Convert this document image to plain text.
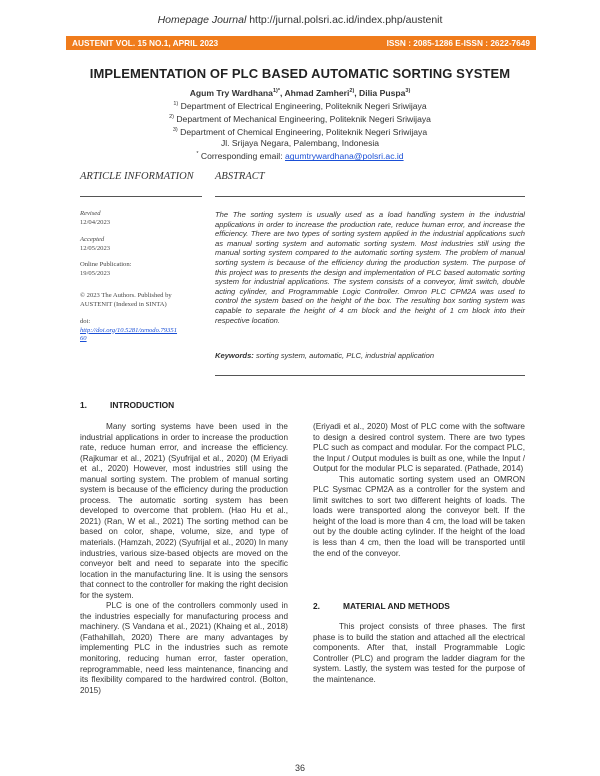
Homepage Journal http://jurnal.polsri.ac.id/index.php/austenit
AUSTENIT VOL. 15 NO.1, APRIL 2023	ISSN : 2085-1286 E-ISSN : 2622-7649
IMPLEMENTATION OF PLC BASED AUTOMATIC SORTING SYSTEM
Agum Try Wardhana$^{1)*}$, Ahmad Zamheri$^{2)}$, Dilia Puspa$^{3)}$
$^{1)}$ Department of Electrical Engineering, Politeknik Negeri Sriwijaya
$^{2)}$ Department of Mechanical Engineering, Politeknik Negeri Sriwijaya
$^{3)}$ Department of Chemical Engineering, Politeknik Negeri Sriwijaya
Jl. Srijaya Negara, Palembang, Indonesia
* Corresponding email: agumtrywardhana@polsri.ac.id
ARTICLE INFORMATION	ABSTRACT
Revised
12/04/2023
Accepted
12/05/2023
Online Publication:
19/05/2023
© 2023 The Authors. Published by AUSTENIT (Indexed in SINTA)
doi:
http://doi.org/10.5281/zenodo.7935160
The The sorting system is usually used as a load handling system in the industrial applications in order to increase the production rate, reduce human error, and increase the efficiency. There are two types of sorting system applied in the industrial applications such as manual sorting system and automatic sorting system. Most industries still using the manual sorting system compared to the automatic sorting system. The problem of manual sorting system is because of the efficiency during the production system. The purpose of this project was to presents the design and implementation of PLC based automatic sorting system for industrial applications. The system consists of a conveyor, limit switch, double acting cylinder, and Programmable Logic Controller. Omron PLC CPM2A was used to control the system based on the height of the box. The resulting box sorting system was capable to separate the height of 4 cm block and the height of 1 cm block into their respective location.
Keywords: sorting system, automatic, PLC, industrial application
1.	INTRODUCTION

Many sorting systems have been used in the industrial applications in order to increase the production rate, reduce human error, and increase the efficiency. (Rajkumar et al., 2021) (Syufrijal et al., 2020) (M Eriyadi et al., 2020) However, most industries still using the manual sorting system. The problem of manual sorting system is because of the efficiency during the production process. The automatic sorting system has been developed to overcome that problem. (Hao Hu et al., 2021) (Ran, W et al., 2021) The sorting method can be based on color, shape, volume, size, and type of materials. (Hamzah, 2022) (Syufrijal et al., 2020) In many industries, various size-based objects are moved on the conveyor belt and need to separate into the specific location in the manufacturing line. It is using the sensors that connect to the controller for making the right decision for the system.

PLC is one of the controllers commonly used in the industries especially for manufacturing process and machinery. (S Vandana et al., 2021) (Khaing et al., 2018) (Fathahillah, 2020) There are many advantages by implementing PLC in the industries such as remote monitoring, reducing human error, faster operation, reprogrammable, need less maintenance, financing and its flexibility compared to the hardwired control. (Bolton, 2015)

(Eriyadi et al., 2020) Most of PLC come with the software to design a desired control system. There are two types PLC such as compact and modular. For the compact PLC, the Input / Output modules is built as one, while the Input / Output for the modular PLC is separated. (Pathade, 2014)

This automatic sorting system used an OMRON PLC Sysmac CPM2A as a controller for the system and limit switches to sort two different heights of loads. The loads were transported along the conveyor belt. If the height of the load is more than 4 cm, the load will be taken out by the double acting cylinder. If the height of the load is less than 4 cm, then the load will be transported until the end of the conveyor.

2.	MATERIAL AND METHODS

This project consists of three phases. The first phase is to build the station and attached all the electrical components. After that, install Programmable Logic Controller (PLC) and program the ladder diagram for the system. Lastly, the system was tested for the purpose of the maintenance.

36
